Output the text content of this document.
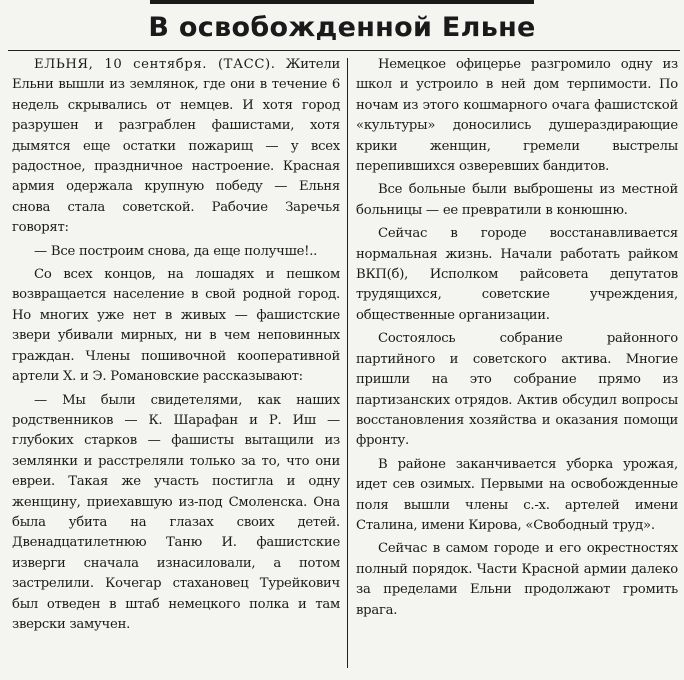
В освобожденной Ельне

ЕЛЬНЯ, 10 сентября. (ТАСС). Жители Ельни вышли из землянок, где они в течение 6 недель скрывались от немцев. И хотя город разрушен и разграблен фашистами, хотя дымятся еще остатки пожарищ — у всех радостное, праздничное настроение. Красная армия одержала крупную победу — Ельня снова стала советской. Рабочие Заречья говорят:

— Все построим снова, да еще получше!..

Со всех концов, на лошадях и пешком возвращается население в свой родной город. Но многих уже нет в живых — фашистские звери убивали мирных, ни в чем неповинных граждан. Члены пошивочной кооперативной артели Х. и Э. Романовские рассказывают:

— Мы были свидетелями, как наших родственников — К. Шарафан и Р. Иш — глубоких старков — фашисты вытащили из землянки и расстреляли только за то, что они евреи. Такая же участь постигла и одну женщину, приехавшую из-под Смоленска. Она была убита на глазах своих детей. Двенадцатилетнюю Таню И. фашистские изверги сначала изнасиловали, а потом застрелили. Кочегар стахановец Турейкович был отведен в штаб немецкого полка и там зверски замучен.

Немецкое офицерье разгромило одну из школ и устроило в ней дом терпимости. По ночам из этого кошмарного очага фашистской «культуры» доносились душераздирающие крики женщин, гремели выстрелы перепившихся озверевших бандитов.

Все больные были выброшены из местной больницы — ее превратили в конюшню.

Сейчас в городе восстанавливается нормальная жизнь. Начали работать райком ВКП(б), Исполком райсовета депутатов трудящихся, советские учреждения, общественные организации.

Состоялось собрание районного партийного и советского актива. Многие пришли на это собрание прямо из партизанских отрядов. Актив обсудил вопросы восстановления хозяйства и оказания помощи фронту.

В районе заканчивается уборка урожая, идет сев озимых. Первыми на освобожденные поля вышли члены с.-х. артелей имени Сталина, имени Кирова, «Свободный труд».

Сейчас в самом городе и его окрестностях полный порядок. Части Красной армии далеко за пределами Ельни продолжают громить врага.
